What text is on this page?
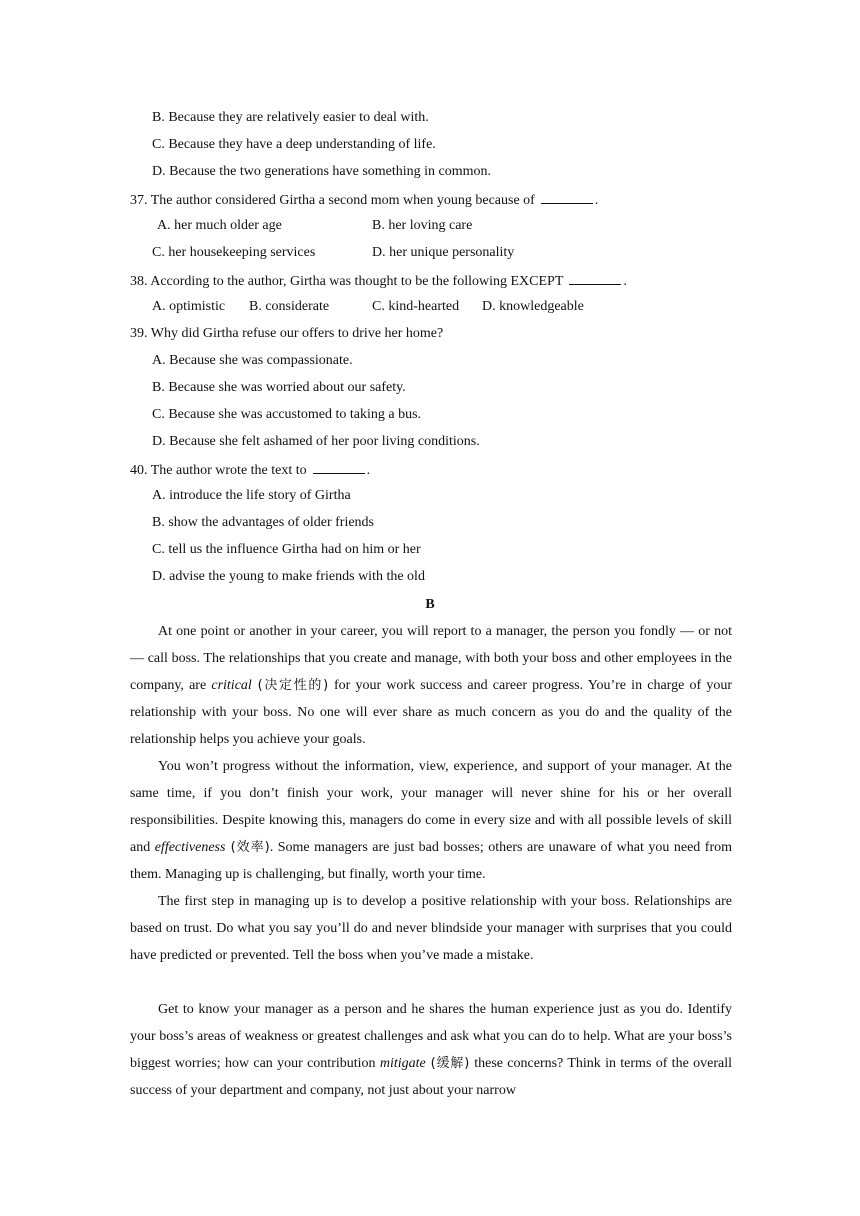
B. Because they are relatively easier to deal with.
C. Because they have a deep understanding of life.
D. Because the two generations have something in common.
37. The author considered Girtha a second mom when young because of	.
A. her much older age	B. her loving care
C. her housekeeping services	D. her unique personality
38. According to the author, Girtha was thought to be the following EXCEPT	.
A. optimistic B. considerate	C. kind-hearted D. knowledgeable
39. Why did Girtha refuse our offers to drive her home?
A. Because she was compassionate.
B. Because she was worried about our safety.
C. Because she was accustomed to taking a bus.
D. Because she felt ashamed of her poor living conditions.
40. The author wrote the text to	.
A. introduce the life story of Girtha
B. show the advantages of older friends
C. tell us the influence Girtha had on him or her
D. advise the young to make friends with the old
B

At one point or another in your career, you will report to a manager, the person you fondly — or not — call boss. The relationships that you create and manage, with both your boss and other employees in the company, are critical (决定性的) for your work success and career progress. You’re in charge of your relationship with your boss. No one will ever share as much concern as you do and the quality of the relationship helps you achieve your goals.

You won’t progress without the information, view, experience, and support of your manager. At the same time, if you don’t finish your work, your manager will never shine for his or her overall responsibilities. Despite knowing this, managers do come in every size and with all possible levels of skill and effectiveness (效率). Some managers are just bad bosses; others are unaware of what you need from them. Managing up is challenging, but finally, worth your time.

The first step in managing up is to develop a positive relationship with your boss. Relationships are based on trust. Do what you say you’ll do and never blindside your manager with surprises that you could have predicted or prevented. Tell the boss when you’ve made a mistake.

Get to know your manager as a person and he shares the human experience just as you do. Identify your boss’s areas of weakness or greatest challenges and ask what you can do to help. What are your boss’s biggest worries; how can your contribution mitigate (缓解) these concerns? Think in terms of the overall success of your department and company, not just about your narrow
